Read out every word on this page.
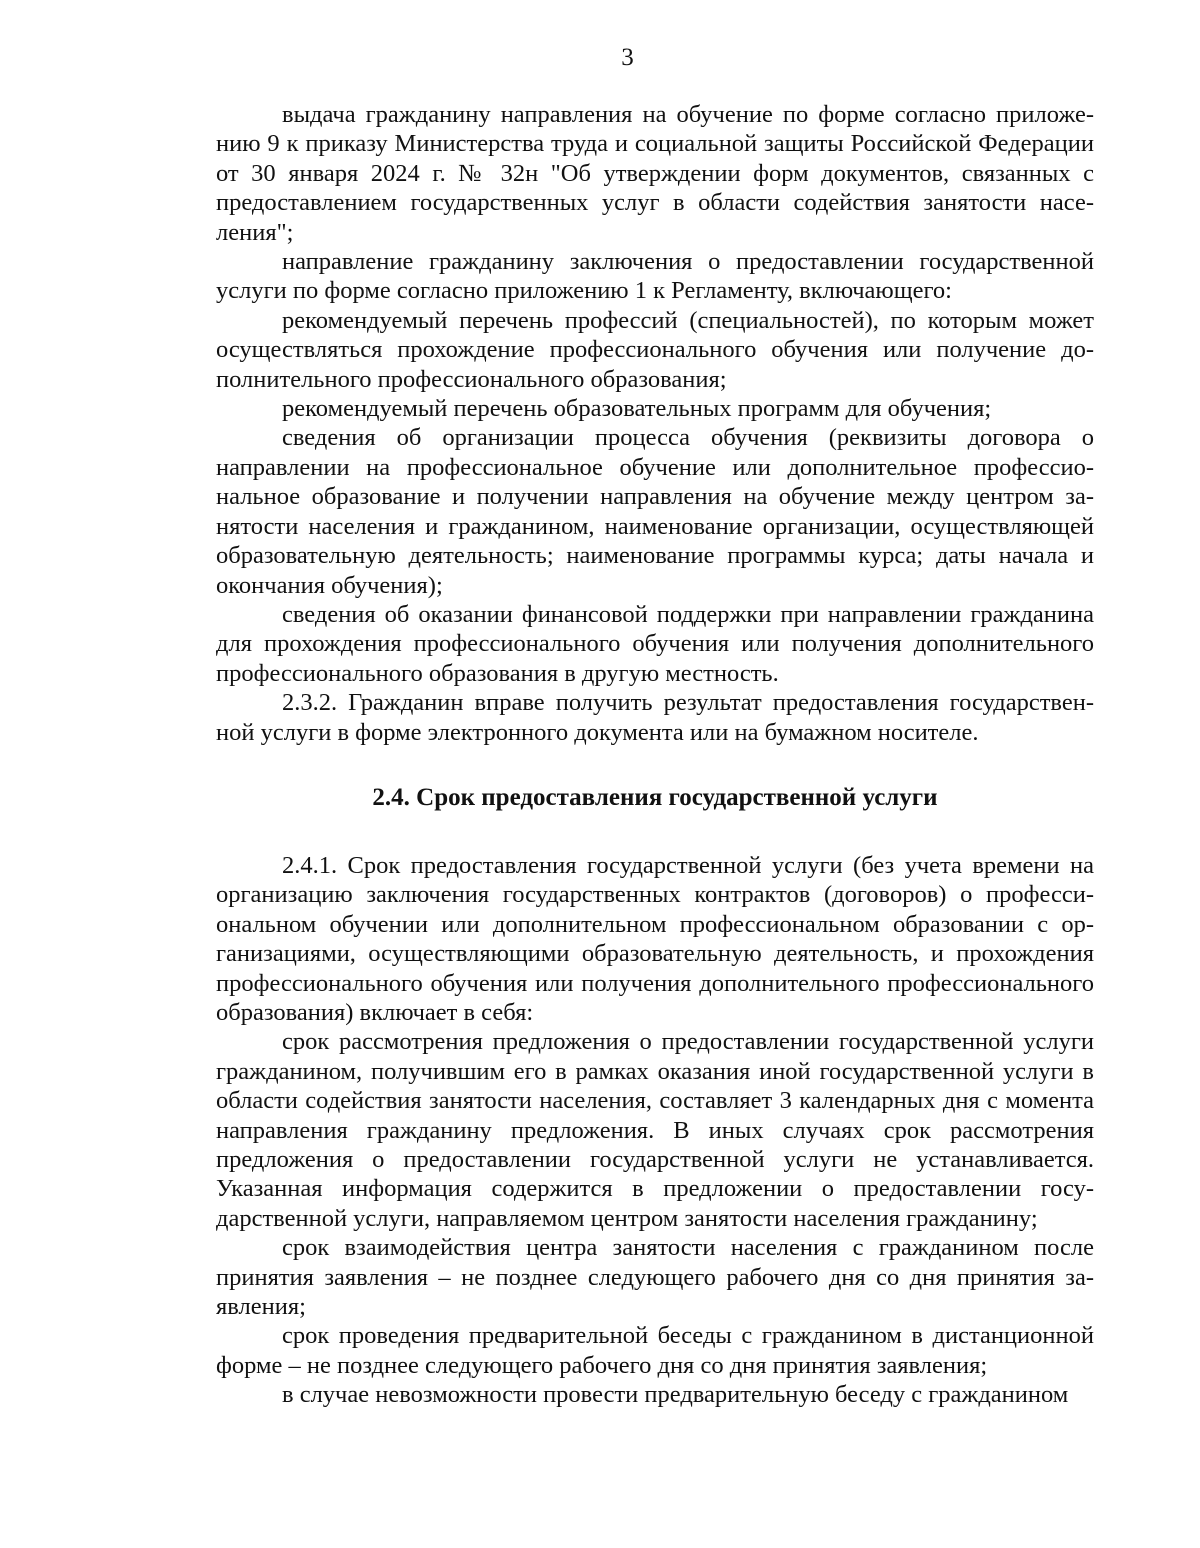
3

выдача гражданину направления на обучение по форме согласно приложению 9 к приказу Министерства труда и социальной защиты Российской Федерации от 30 января 2024 г. № 32н "Об утверждении форм документов, связанных с предоставлением государственных услуг в области содействия занятости населения";

направление гражданину заключения о предоставлении государственной услуги по форме согласно приложению 1 к Регламенту, включающего:

рекомендуемый перечень профессий (специальностей), по которым может осуществляться прохождение профессионального обучения или получение дополнительного профессионального образования;

рекомендуемый перечень образовательных программ для обучения;

сведения об организации процесса обучения (реквизиты договора о направлении на профессиональное обучение или дополнительное профессиональное образование и получении направления на обучение между центром занятости населения и гражданином, наименование организации, осуществляющей образовательную деятельность; наименование программы курса; даты начала и окончания обучения);

сведения об оказании финансовой поддержки при направлении гражданина для прохождения профессионального обучения или получения дополнительного профессионального образования в другую местность.

2.3.2. Гражданин вправе получить результат предоставления государственной услуги в форме электронного документа или на бумажном носителе.

2.4. Срок предоставления государственной услуги

2.4.1. Срок предоставления государственной услуги (без учета времени на организацию заключения государственных контрактов (договоров) о профессиональном обучении или дополнительном профессиональном образовании с организациями, осуществляющими образовательную деятельность, и прохождения профессионального обучения или получения дополнительного профессионального образования) включает в себя:

срок рассмотрения предложения о предоставлении государственной услуги гражданином, получившим его в рамках оказания иной государственной услуги в области содействия занятости населения, составляет 3 календарных дня с момента направления гражданину предложения. В иных случаях срок рассмотрения предложения о предоставлении государственной услуги не устанавливается. Указанная информация содержится в предложении о предоставлении государственной услуги, направляемом центром занятости населения гражданину;

срок взаимодействия центра занятости населения с гражданином после принятия заявления – не позднее следующего рабочего дня со дня принятия заявления;

срок проведения предварительной беседы с гражданином в дистанционной форме – не позднее следующего рабочего дня со дня принятия заявления;

в случае невозможности провести предварительную беседу с гражданином
